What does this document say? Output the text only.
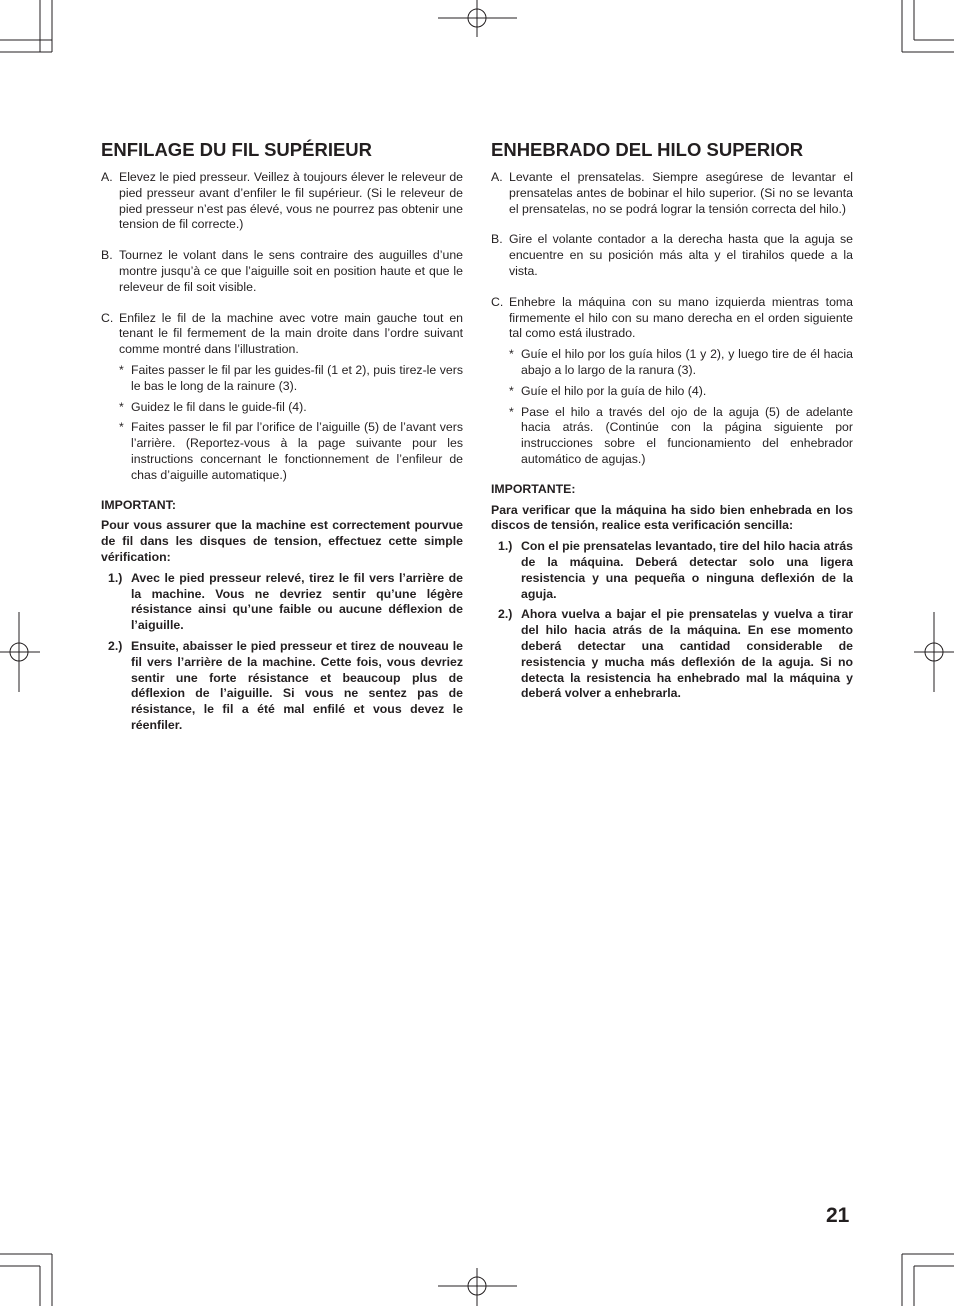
ENFILAGE DU FIL SUPÉRIEUR
A. Elevez le pied presseur. Veillez à toujours élever le releveur de pied presseur avant d’enfiler le fil supérieur. (Si le releveur de pied presseur n’est pas élevé, vous ne pourrez pas obtenir une tension de fil correcte.)
B. Tournez le volant dans le sens contraire des auguilles d’une montre jusqu’à ce que l’aiguille soit en position haute et que le releveur de fil soit visible.
C. Enfilez le fil de la machine avec votre main gauche tout en tenant le fil fermement de la main droite dans l’ordre suivant comme montré dans l’illustration.
* Faites passer le fil par les guides-fil (1 et 2), puis tirez-le vers le bas le long de la rainure (3).
* Guidez le fil dans le guide-fil (4).
* Faites passer le fil par l’orifice de l’aiguille (5) de l’avant vers l’arrière. (Reportez-vous à la page suivante pour les instructions concernant le fonctionnement de l’enfileur de chas d’aiguille automatique.)
IMPORTANT:
Pour vous assurer que la machine est correctement pourvue de fil dans les disques de tension, effectuez cette simple vérification:
1.) Avec le pied presseur relevé, tirez le fil vers l’arrière de la machine. Vous ne devriez sentir qu’une légère résistance ainsi qu’une faible ou aucune déflexion de l’aiguille.
2.) Ensuite, abaisser le pied presseur et tirez de nouveau le fil vers l’arrière de la machine. Cette fois, vous devriez sentir une forte résistance et beaucoup plus de déflexion de l’aiguille. Si vous ne sentez pas de résistance, le fil a été mal enfilé et vous devez le réenfiler.
ENHEBRADO DEL HILO SUPERIOR
A. Levante el prensatelas. Siempre asegúrese de levantar el prensatelas antes de bobinar el hilo superior. (Si no se levanta el prensatelas, no se podrá lograr la tensión correcta del hilo.)
B. Gire el volante contador a la derecha hasta que la aguja se encuentre en su posición más alta y el tirahilos quede a la vista.
C. Enhebre la máquina con su mano izquierda mientras toma firmemente el hilo con su mano derecha en el orden siguiente tal como está ilustrado.
* Guíe el hilo por los guía hilos (1 y 2), y luego tire de él hacia abajo a lo largo de la ranura (3).
* Guíe el hilo por la guía de hilo (4).
* Pase el hilo a través del ojo de la aguja (5) de adelante hacia atrás. (Continúe con la página siguiente por instrucciones sobre el funcionamiento del enhebrador automático de agujas.)
IMPORTANTE:
Para verificar que la máquina ha sido bien enhebrada en los discos de tensión, realice esta verificación sencilla:
1.) Con el pie prensatelas levantado, tire del hilo hacia atrás de la máquina. Deberá detectar solo una ligera resistencia y una pequeña o ninguna deflexión de la aguja.
2.) Ahora vuelva a bajar el pie prensatelas y vuelva a tirar del hilo hacia atrás de la máquina. En ese momento deberá detectar una cantidad considerable de resistencia y mucha más deflexión de la aguja. Si no detecta la resistencia ha enhebrado mal la máquina y deberá volver a enhebrarla.
21
